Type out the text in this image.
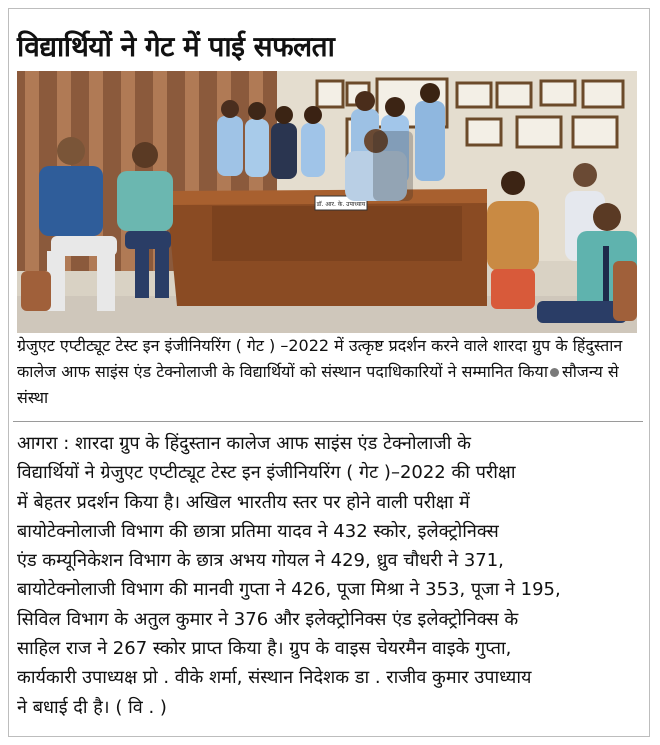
विद्यार्थियों ने गेट में पाई सफलता
डॉ. आर. के. उपाध्याय
ग्रेजुएट एप्टीट्यूट टेस्ट इन इंजीनियरिंग ( गेट ) –2022 में उत्कृष्ट प्रदर्शन करने वाले शारदा ग्रुप के हिंदुस्तान कालेज आफ साइंस एंड टेक्नोलाजी के विद्यार्थियों को संस्थान पदाधिकारियों ने सम्मानित किया सौजन्य से संस्था
आगरा : शारदा ग्रुप के हिंदुस्तान कालेज आफ साइंस एंड टेक्नोलाजी के
विद्यार्थियों ने ग्रेजुएट एप्टीट्यूट टेस्ट इन इंजीनियरिंग ( गेट )–2022 की परीक्षा
में बेहतर प्रदर्शन किया है। अखिल भारतीय स्तर पर होने वाली परीक्षा में
बायोटेक्नोलाजी विभाग की छात्रा प्रतिमा यादव ने 432 स्कोर, इलेक्ट्रोनिक्स
एंड कम्यूनिकेशन विभाग के छात्र अभय गोयल ने 429, ध्रुव चौधरी ने 371,
बायोटेक्नोलाजी विभाग की मानवी गुप्ता ने 426, पूजा मिश्रा ने 353, पूजा ने 195,
सिविल विभाग के अतुल कुमार ने 376 और इलेक्ट्रोनिक्स एंड इलेक्ट्रोनिक्स के
साहिल राज ने 267 स्कोर प्राप्त किया है। ग्रुप के वाइस चेयरमैन वाइके गुप्ता,
कार्यकारी उपाध्यक्ष प्रो . वीके शर्मा, संस्थान निदेशक डा . राजीव कुमार उपाध्याय
ने बधाई दी है। ( वि . )
